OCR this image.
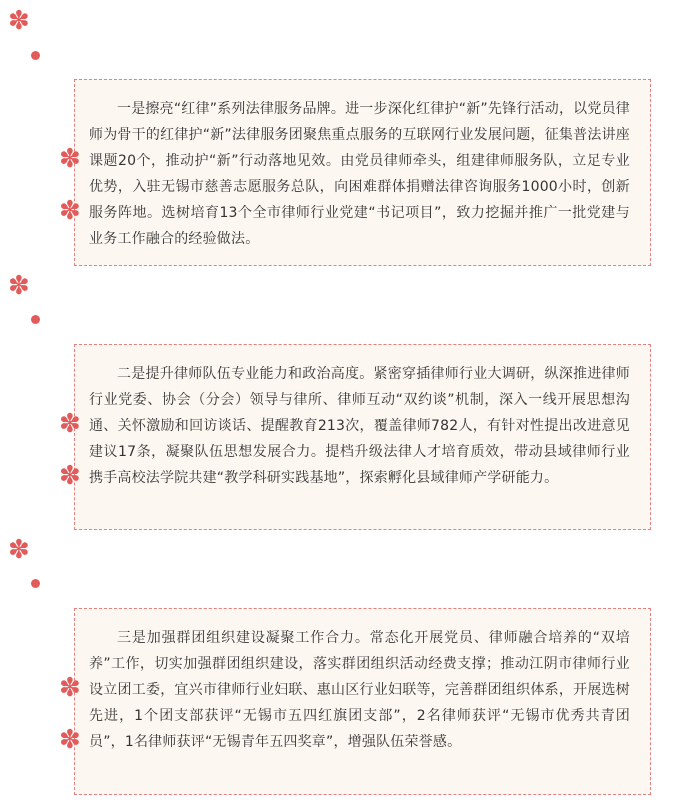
✽
✽
✽

一是擦亮“红律”系列法律服务品牌。进一步深化红律护“新”先锋行活动，以党员律师为骨干的红律护“新”法律服务团聚焦重点服务的互联网行业发展问题，征集普法讲座课题20个，推动护“新”行动落地见效。由党员律师牵头，组建律师服务队，立足专业优势，入驻无锡市慈善志愿服务总队，向困难群体捐赠法律咨询服务1000小时，创新服务阵地。选树培育13个全市律师行业党建“书记项目”，致力挖掘并推广一批党建与业务工作融合的经验做法。

✽
✽
✽

二是提升律师队伍专业能力和政治高度。紧密穿插律师行业大调研，纵深推进律师行业党委、协会（分会）领导与律所、律师互动“双约谈”机制，深入一线开展思想沟通、关怀激励和回访谈话、提醒教育213次，覆盖律师782人，有针对性提出改进意见建议17条，凝聚队伍思想发展合力。提档升级法律人才培育质效，带动县域律师行业携手高校法学院共建“教学科研实践基地”，探索孵化县域律师产学研能力。

✽
✽
✽

三是加强群团组织建设凝聚工作合力。常态化开展党员、律师融合培养的“双培养”工作，切实加强群团组织建设，落实群团组织活动经费支撑；推动江阴市律师行业设立团工委，宜兴市律师行业妇联、惠山区行业妇联等，完善群团组织体系，开展选树先进，1个团支部获评“无锡市五四红旗团支部”，2名律师获评“无锡市优秀共青团员”，1名律师获评“无锡青年五四奖章”，增强队伍荣誉感。
